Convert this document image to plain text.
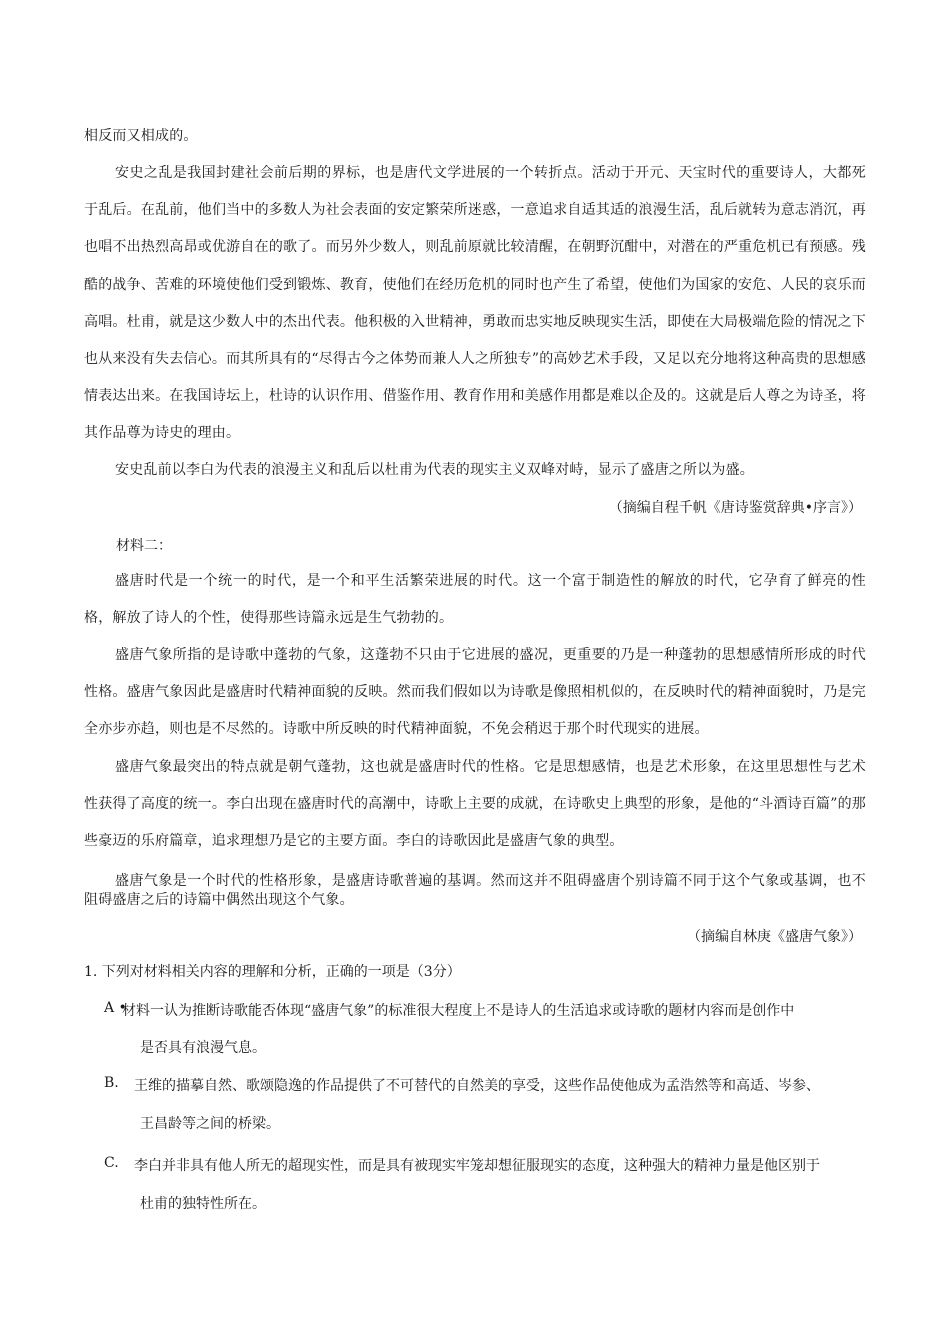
相反而又相成的。

安史之乱是我国封建社会前后期的界标，也是唐代文学进展的一个转折点。活动于开元、天宝时代的重要诗人，大都死于乱后。在乱前，他们当中的多数人为社会表面的安定繁荣所迷惑，一意追求自适其适的浪漫生活，乱后就转为意志消沉，再也唱不出热烈高昂或优游自在的歌了。而另外少数人，则乱前原就比较清醒，在朝野沉酣中，对潜在的严重危机已有预感。残酷的战争、苦难的环境使他们受到锻炼、教育，使他们在经历危机的同时也产生了希望，使他们为国家的安危、人民的哀乐而高唱。杜甫，就是这少数人中的杰出代表。他积极的入世精神，勇敢而忠实地反映现实生活，即使在大局极端危险的情况之下也从来没有失去信心。而其所具有的“尽得古今之体势而兼人人之所独专”的高妙艺术手段，又足以充分地将这种高贵的思想感情表达出来。在我国诗坛上，杜诗的认识作用、借鉴作用、教育作用和美感作用都是难以企及的。这就是后人尊之为诗圣，将其作品尊为诗史的理由。

安史乱前以李白为代表的浪漫主义和乱后以杜甫为代表的现实主义双峰对峙，显示了盛唐之所以为盛。

（摘编自程千帆《唐诗鉴赏辞典•序言》）

材料二：

盛唐时代是一个统一的时代，是一个和平生活繁荣进展的时代。这一个富于制造性的解放的时代，它孕育了鲜亮的性格，解放了诗人的个性，使得那些诗篇永远是生气勃勃的。

盛唐气象所指的是诗歌中蓬勃的气象，这蓬勃不只由于它进展的盛况，更重要的乃是一种蓬勃的思想感情所形成的时代性格。盛唐气象因此是盛唐时代精神面貌的反映。然而我们假如以为诗歌是像照相机似的，在反映时代的精神面貌时，乃是完全亦步亦趋，则也是不尽然的。诗歌中所反映的时代精神面貌，不免会稍迟于那个时代现实的进展。

盛唐气象最突出的特点就是朝气蓬勃，这也就是盛唐时代的性格。它是思想感情，也是艺术形象，在这里思想性与艺术性获得了高度的统一。李白出现在盛唐时代的高潮中，诗歌上主要的成就，在诗歌史上典型的形象，是他的“斗酒诗百篇”的那些豪迈的乐府篇章，追求理想乃是它的主要方面。李白的诗歌因此是盛唐气象的典型。

盛唐气象是一个时代的性格形象，是盛唐诗歌普遍的基调。然而这并不阻碍盛唐个别诗篇不同于这个气象或基调，也不阻碍盛唐之后的诗篇中偶然出现这个气象。

（摘编自林庚《盛唐气象》）

1. 下列对材料相关内容的理解和分析，正确的一项是（3分）

A •
材料一认为推断诗歌能否体现“盛唐气象”的标准很大程度上不是诗人的生活追求或诗歌的题材内容而是创作中
是否具有浪漫气息。
B. 王维的描摹自然、歌颂隐逸的作品提供了不可替代的自然美的享受，这些作品使他成为孟浩然等和高适、岑参、
王昌龄等之间的桥梁。
C. 李白并非具有他人所无的超现实性，而是具有被现实牢笼却想征服现实的态度，这种强大的精神力量是他区别于
杜甫的独特性所在。
